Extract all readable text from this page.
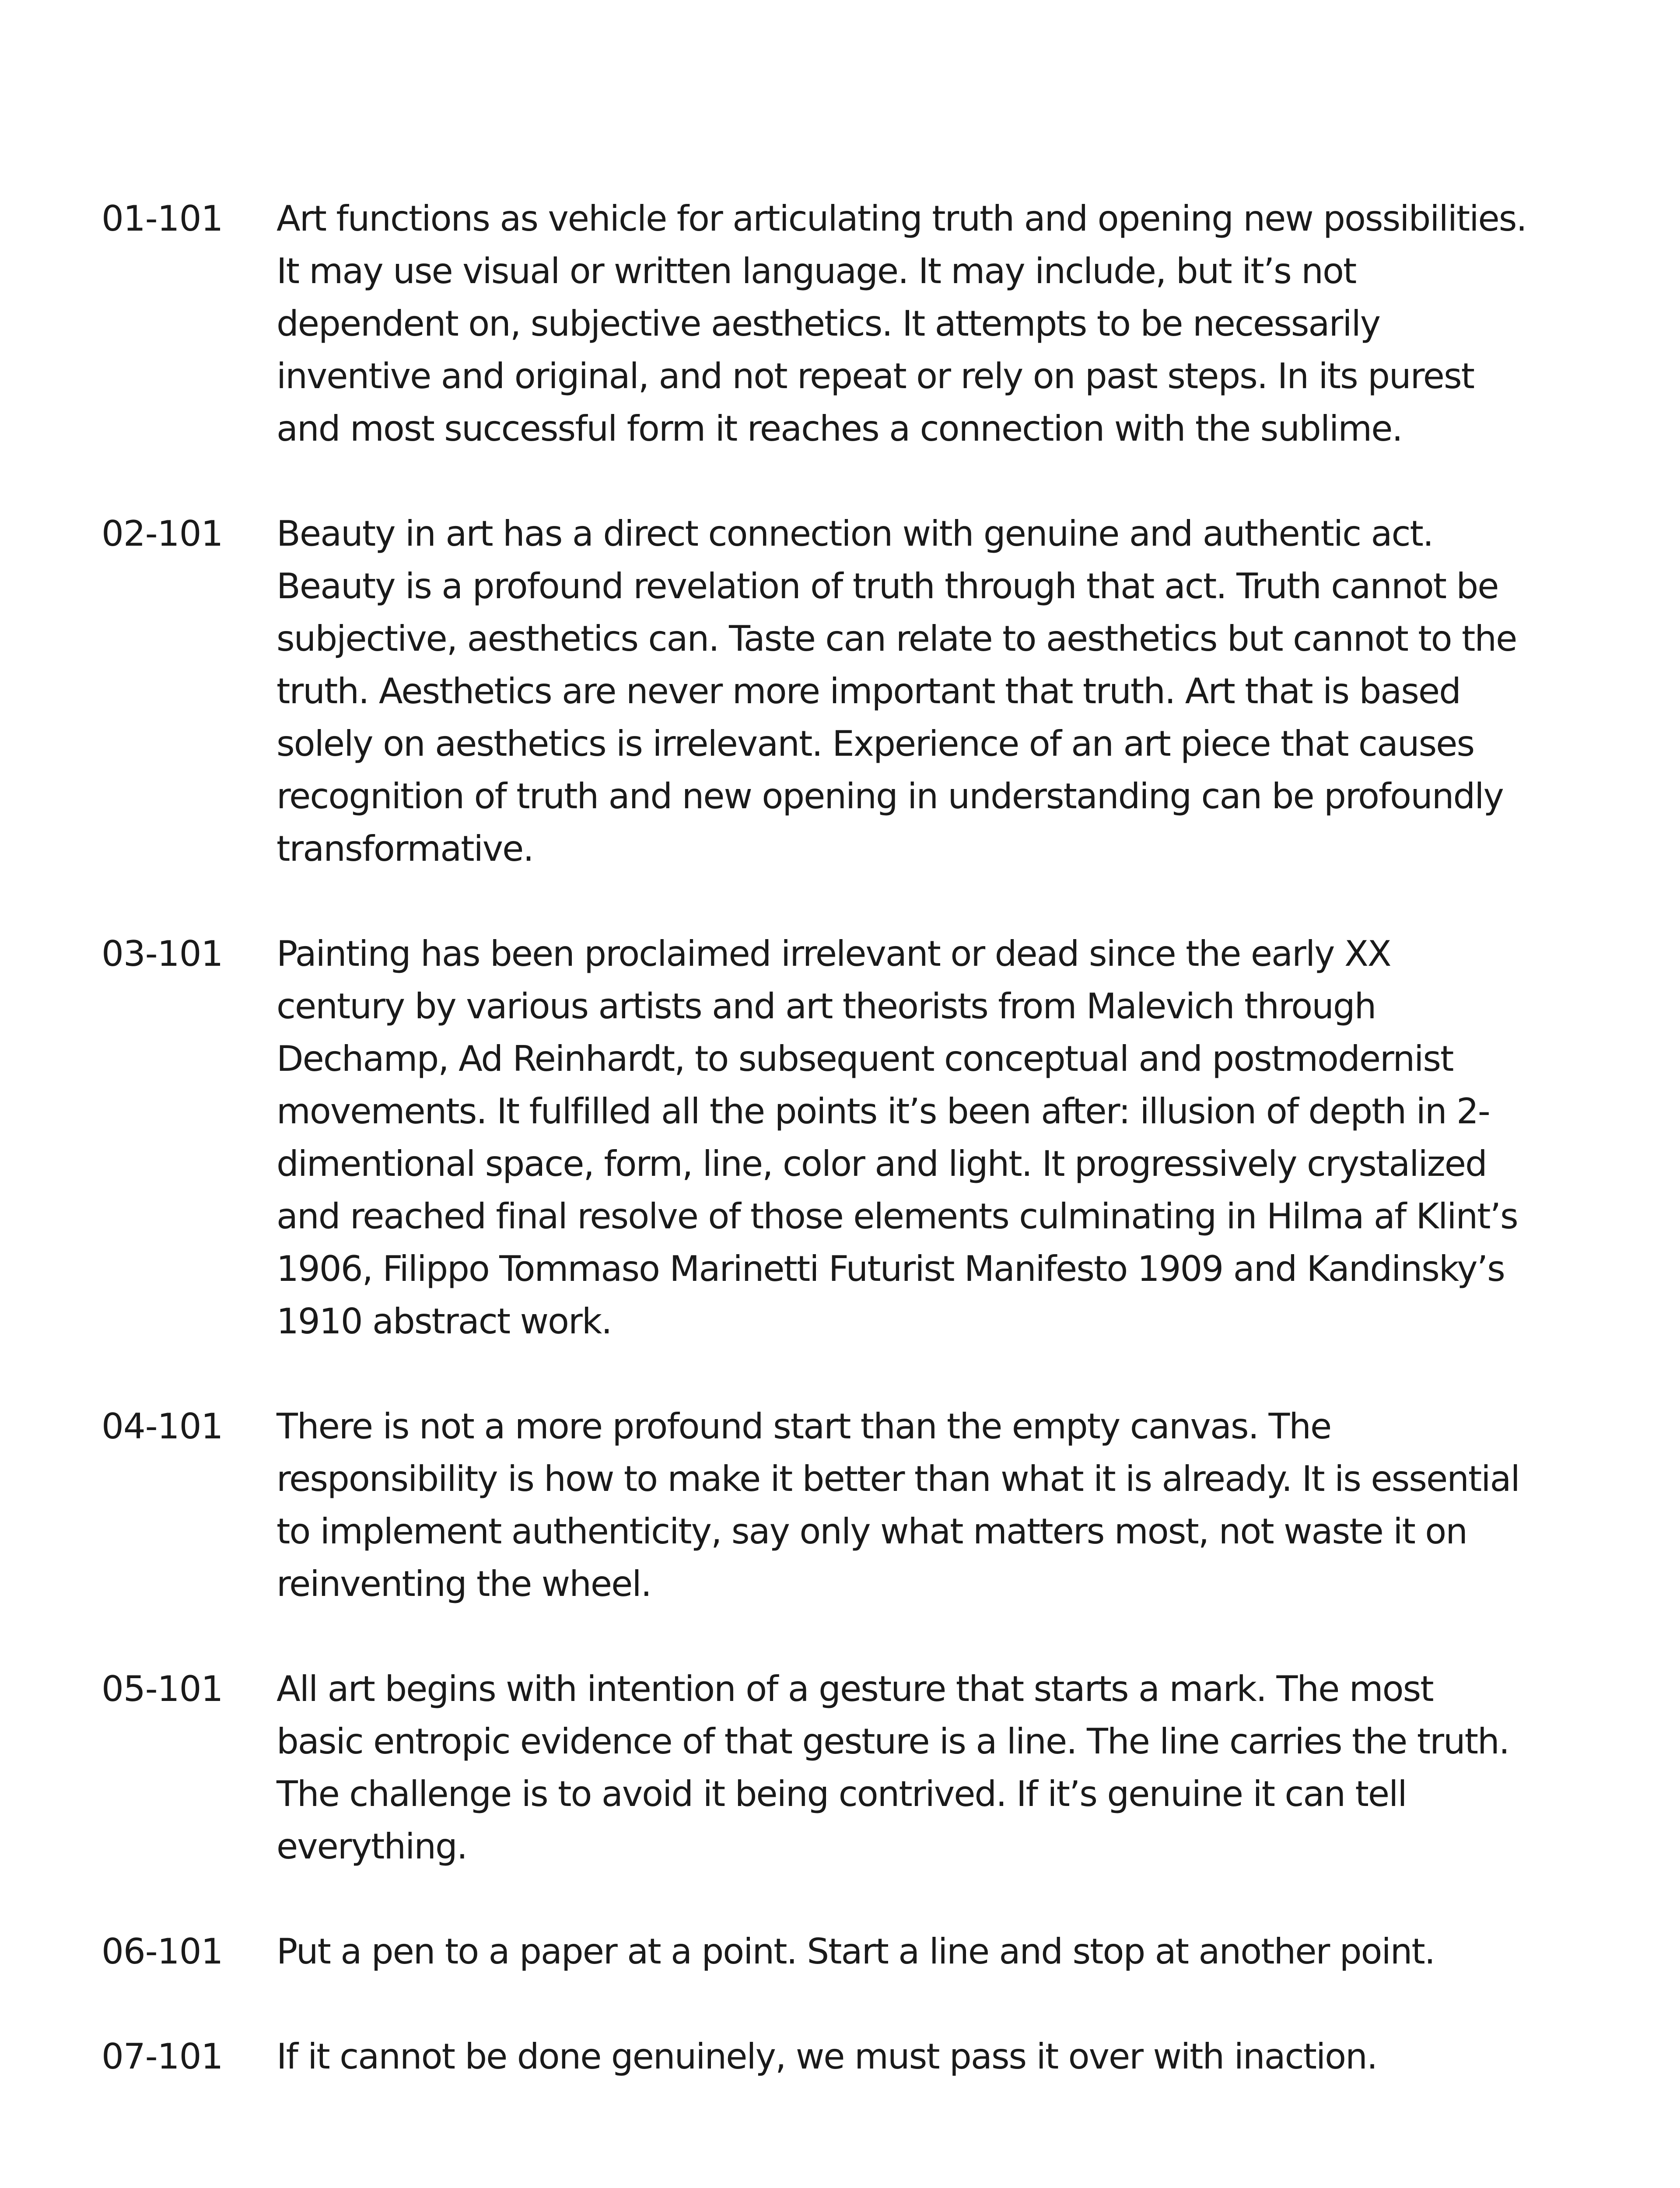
01-101	Art functions as vehicle for articulating truth and opening new possibilities. It may use visual or written language. It may include, but it’s not dependent on, subjective aesthetics. It attempts to be necessarily inventive and original, and not repeat or rely on past steps. In its purest and most successful form it reaches a connection with the sublime.

02-101	Beauty in art has a direct connection with genuine and authentic act. Beauty is a profound revelation of truth through that act. Truth cannot be subjective, aesthetics can. Taste can relate to aesthetics but cannot to the truth. Aesthetics are never more important that truth. Art that is based solely on aesthetics is irrelevant. Experience of an art piece that causes recognition of truth and new opening in understanding can be profoundly transformative.

03-101	Painting has been proclaimed irrelevant or dead since the early XX century by various artists and art theorists from Malevich through Dechamp, Ad Reinhardt, to subsequent conceptual and postmodernist movements. It fulfilled all the points it’s been after: illusion of depth in 2-dimentional space, form, line, color and light. It progressively crystalized and reached final resolve of those elements culminating in Hilma af Klint’s 1906, Filippo Tommaso Marinetti Futurist Manifesto 1909 and Kandinsky’s 1910 abstract work.

04-101	There is not a more profound start than the empty canvas. The responsibility is how to make it better than what it is already. It is essential to implement authenticity, say only what matters most, not waste it on reinventing the wheel.

05-101	All art begins with intention of a gesture that starts a mark. The most basic entropic evidence of that gesture is a line. The line carries the truth. The challenge is to avoid it being contrived. If it’s genuine it can tell everything.

06-101	Put a pen to a paper at a point. Start a line and stop at another point.

07-101	If it cannot be done genuinely, we must pass it over with inaction.
